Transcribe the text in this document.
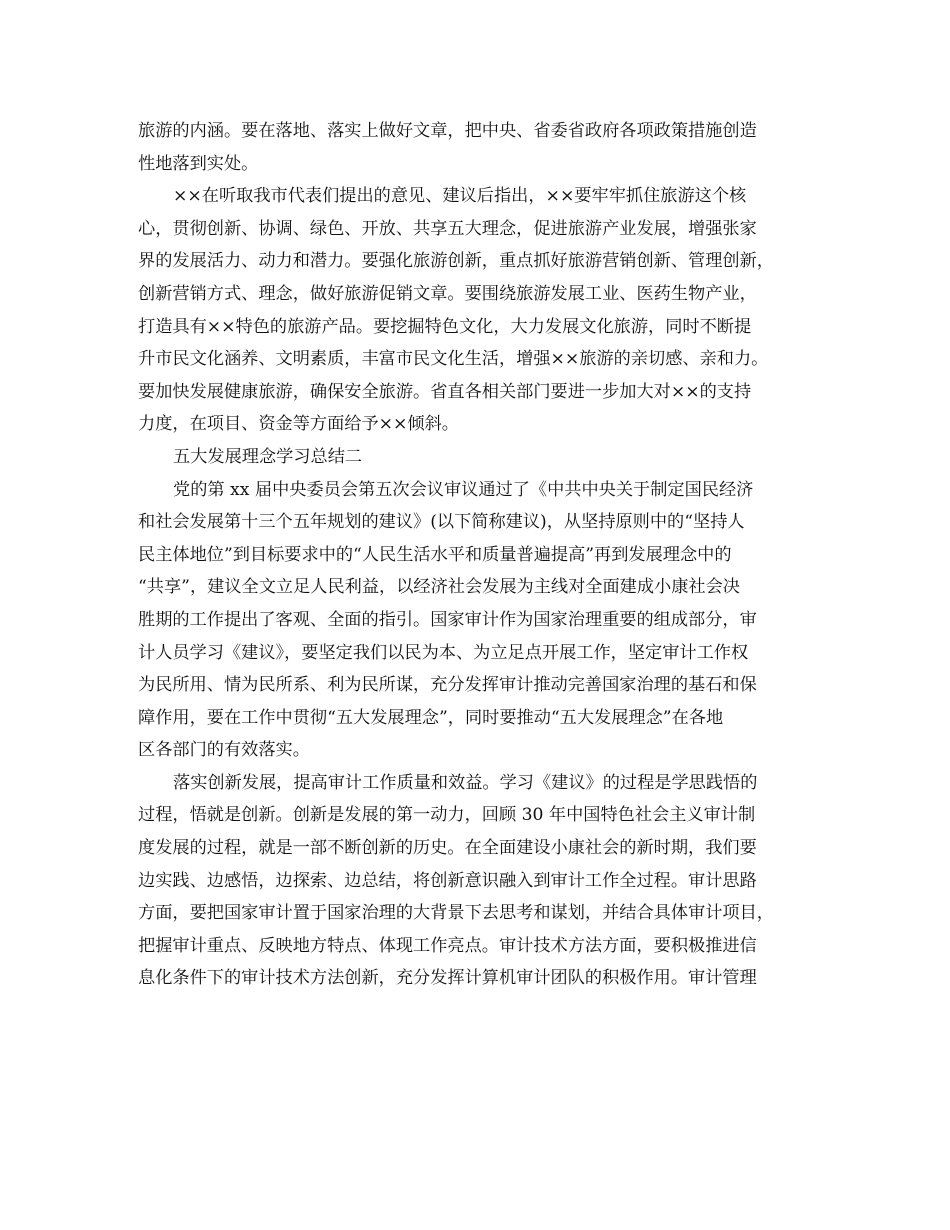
旅游的内涵。要在落地、落实上做好文章，把中央、省委省政府各项政策措施创造
性地落到实处。
××在听取我市代表们提出的意见、建议后指出，××要牢牢抓住旅游这个核
心，贯彻创新、协调、绿色、开放、共享五大理念，促进旅游产业发展，增强张家
界的发展活力、动力和潜力。要强化旅游创新，重点抓好旅游营销创新、管理创新，
创新营销方式、理念，做好旅游促销文章。要围绕旅游发展工业、医药生物产业，
打造具有××特色的旅游产品。要挖掘特色文化，大力发展文化旅游，同时不断提
升市民文化涵养、文明素质，丰富市民文化生活，增强××旅游的亲切感、亲和力。
要加快发展健康旅游，确保安全旅游。省直各相关部门要进一步加大对××的支持
力度，在项目、资金等方面给予××倾斜。
五大发展理念学习总结二
党的第 xx 届中央委员会第五次会议审议通过了《中共中央关于制定国民经济
和社会发展第十三个五年规划的建议》(以下简称建议)，从坚持原则中的“坚持人
民主体地位”到目标要求中的“人民生活水平和质量普遍提高”再到发展理念中的
“共享”，建议全文立足人民利益，以经济社会发展为主线对全面建成小康社会决
胜期的工作提出了客观、全面的指引。国家审计作为国家治理重要的组成部分，审
计人员学习《建议》，要坚定我们以民为本、为立足点开展工作，坚定审计工作权
为民所用、情为民所系、利为民所谋，充分发挥审计推动完善国家治理的基石和保
障作用，要在工作中贯彻“五大发展理念”，同时要推动“五大发展理念”在各地
区各部门的有效落实。
落实创新发展，提高审计工作质量和效益。学习《建议》的过程是学思践悟的
过程，悟就是创新。创新是发展的第一动力，回顾 30 年中国特色社会主义审计制
度发展的过程，就是一部不断创新的历史。在全面建设小康社会的新时期，我们要
边实践、边感悟，边探索、边总结，将创新意识融入到审计工作全过程。审计思路
方面，要把国家审计置于国家治理的大背景下去思考和谋划，并结合具体审计项目，
把握审计重点、反映地方特点、体现工作亮点。审计技术方法方面，要积极推进信
息化条件下的审计技术方法创新，充分发挥计算机审计团队的积极作用。审计管理
